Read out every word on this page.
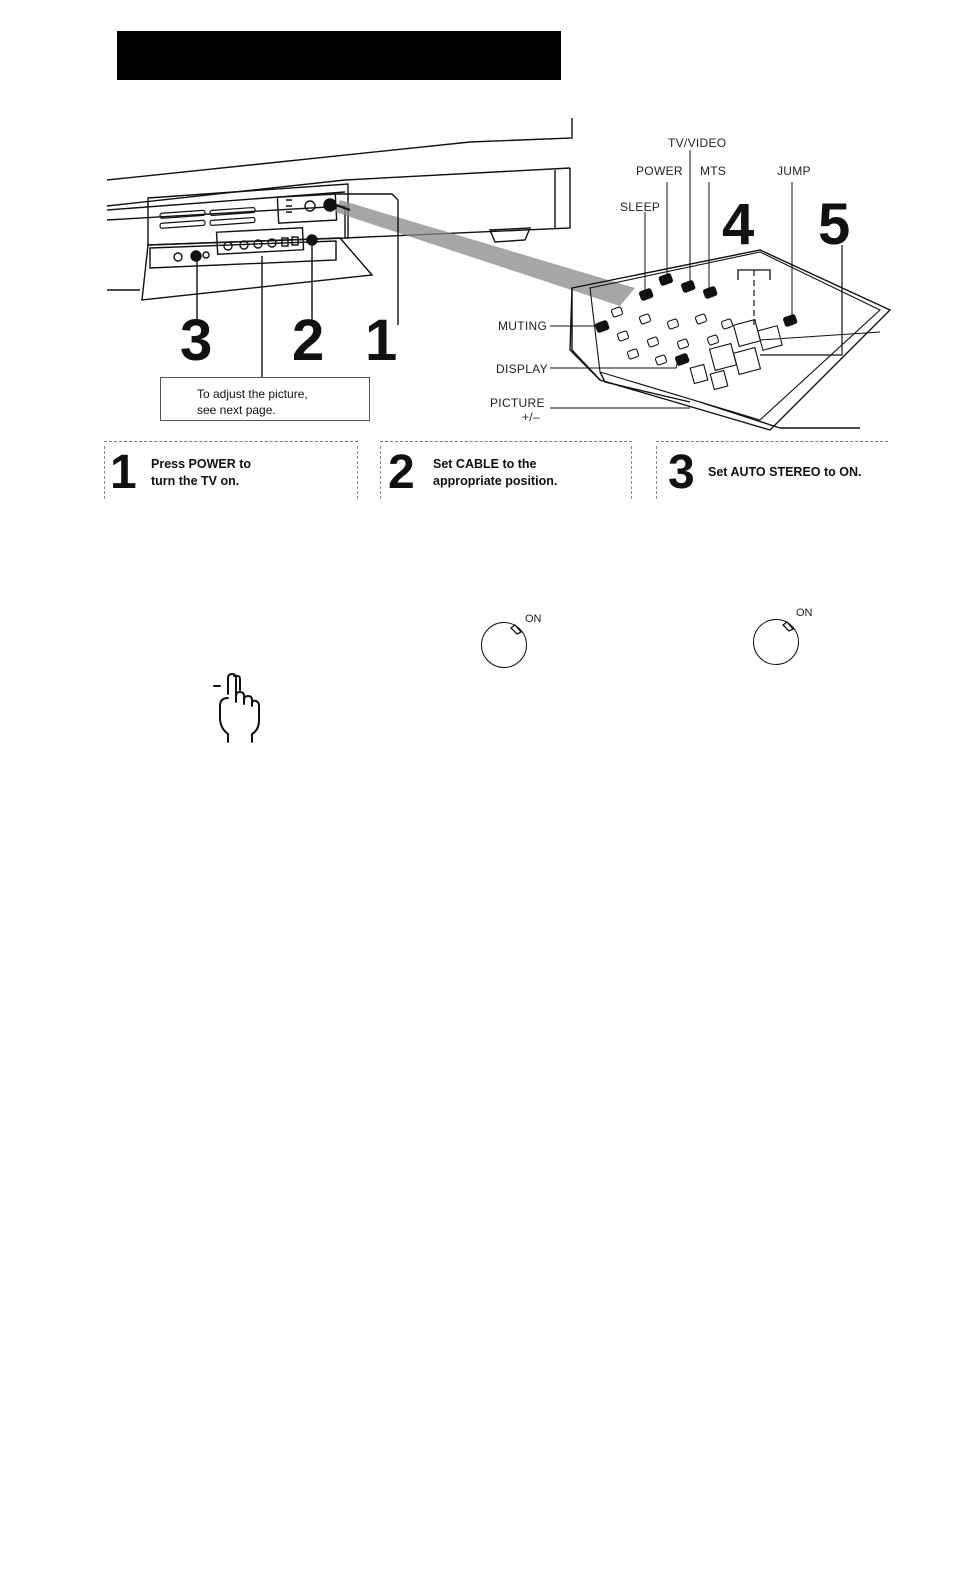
TV/VIDEO
POWER MTS	JUMP
SLEEP
MUTING
DISPLAY
PICTURE
+/–
3 2 1
4 5
To adjust the picture,
see next page.
1 Press POWER to
turn the TV on.	2 Set CABLE to the
appropriate position. 3 Set AUTO STEREO to ON.
ON	ON
